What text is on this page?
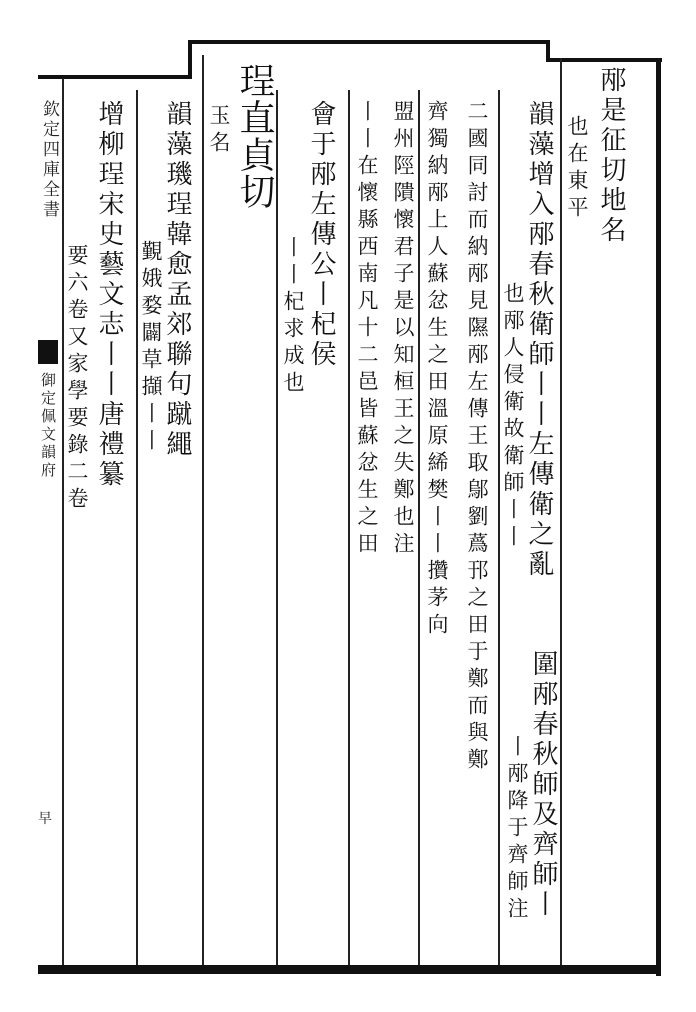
欽定四庫全書
御定佩文韻府
早
邴是征切地名
也在東平
韻藻增入邴春秋衛師丨丨左傳衛之亂
也邴人侵衛故衛師丨丨
圍邴春秋師及齊師丨
丨邴降于齊師注
二國同討而納邴見隰邴左傳王取鄔劉蔿邘之田于鄭而與鄭
齊獨納邴上人蘇忿生之田溫原絺樊丨丨攢茅向
盟州陘隤懷君子是以知桓王之失鄭也注
丨丨在懷縣西南凡十二邑皆蘇忿生之田
會于邴左傳公丨杞侯
丨丨杞求成也
珵直貞切
玉名
韻藻璣珵韓愈孟郊聯句蹴繩
覲娥婺闢草擷丨丨
增柳珵宋史藝文志丨丨唐禮纂
要六卷又家學要錄二卷
